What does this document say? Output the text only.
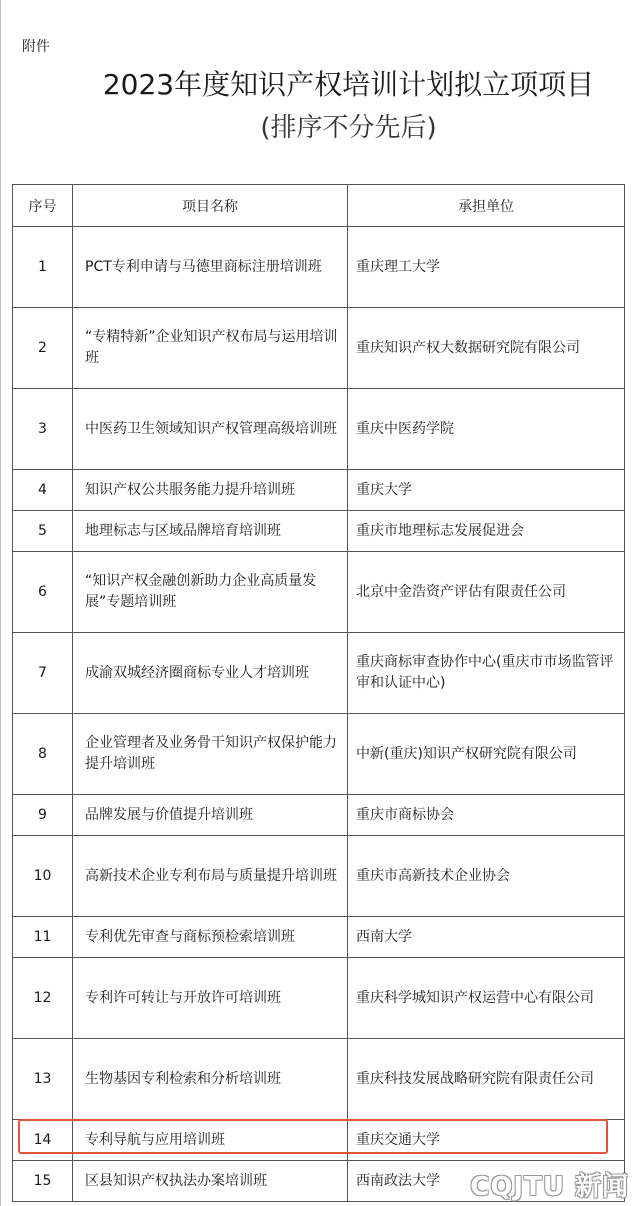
附件
2023年度知识产权培训计划拟立项项目
(排序不分先后)
序号	项目名称	承担单位
1	PCT专利申请与马德里商标注册培训班	重庆理工大学
2	“专精特新”企业知识产权布局与运用培训班	重庆知识产权大数据研究院有限公司
3	中医药卫生领域知识产权管理高级培训班	重庆中医药学院
4	知识产权公共服务能力提升培训班	重庆大学
5	地理标志与区域品牌培育培训班	重庆市地理标志发展促进会
6	“知识产权金融创新助力企业高质量发展”专题培训班	北京中金浩资产评估有限责任公司
7	成渝双城经济圈商标专业人才培训班	重庆商标审查协作中心(重庆市市场监管评审和认证中心)
8	企业管理者及业务骨干知识产权保护能力提升培训班	中新(重庆)知识产权研究院有限公司
9	品牌发展与价值提升培训班	重庆市商标协会
10	高新技术企业专利布局与质量提升培训班	重庆市高新技术企业协会
11	专利优先审查与商标预检索培训班	西南大学
12	专利许可转让与开放许可培训班	重庆科学城知识产权运营中心有限公司
13	生物基因专利检索和分析培训班	重庆科技发展战略研究院有限责任公司
14	专利导航与应用培训班	重庆交通大学
15	区县知识产权执法办案培训班	西南政法大学 CQJTU 新闻
